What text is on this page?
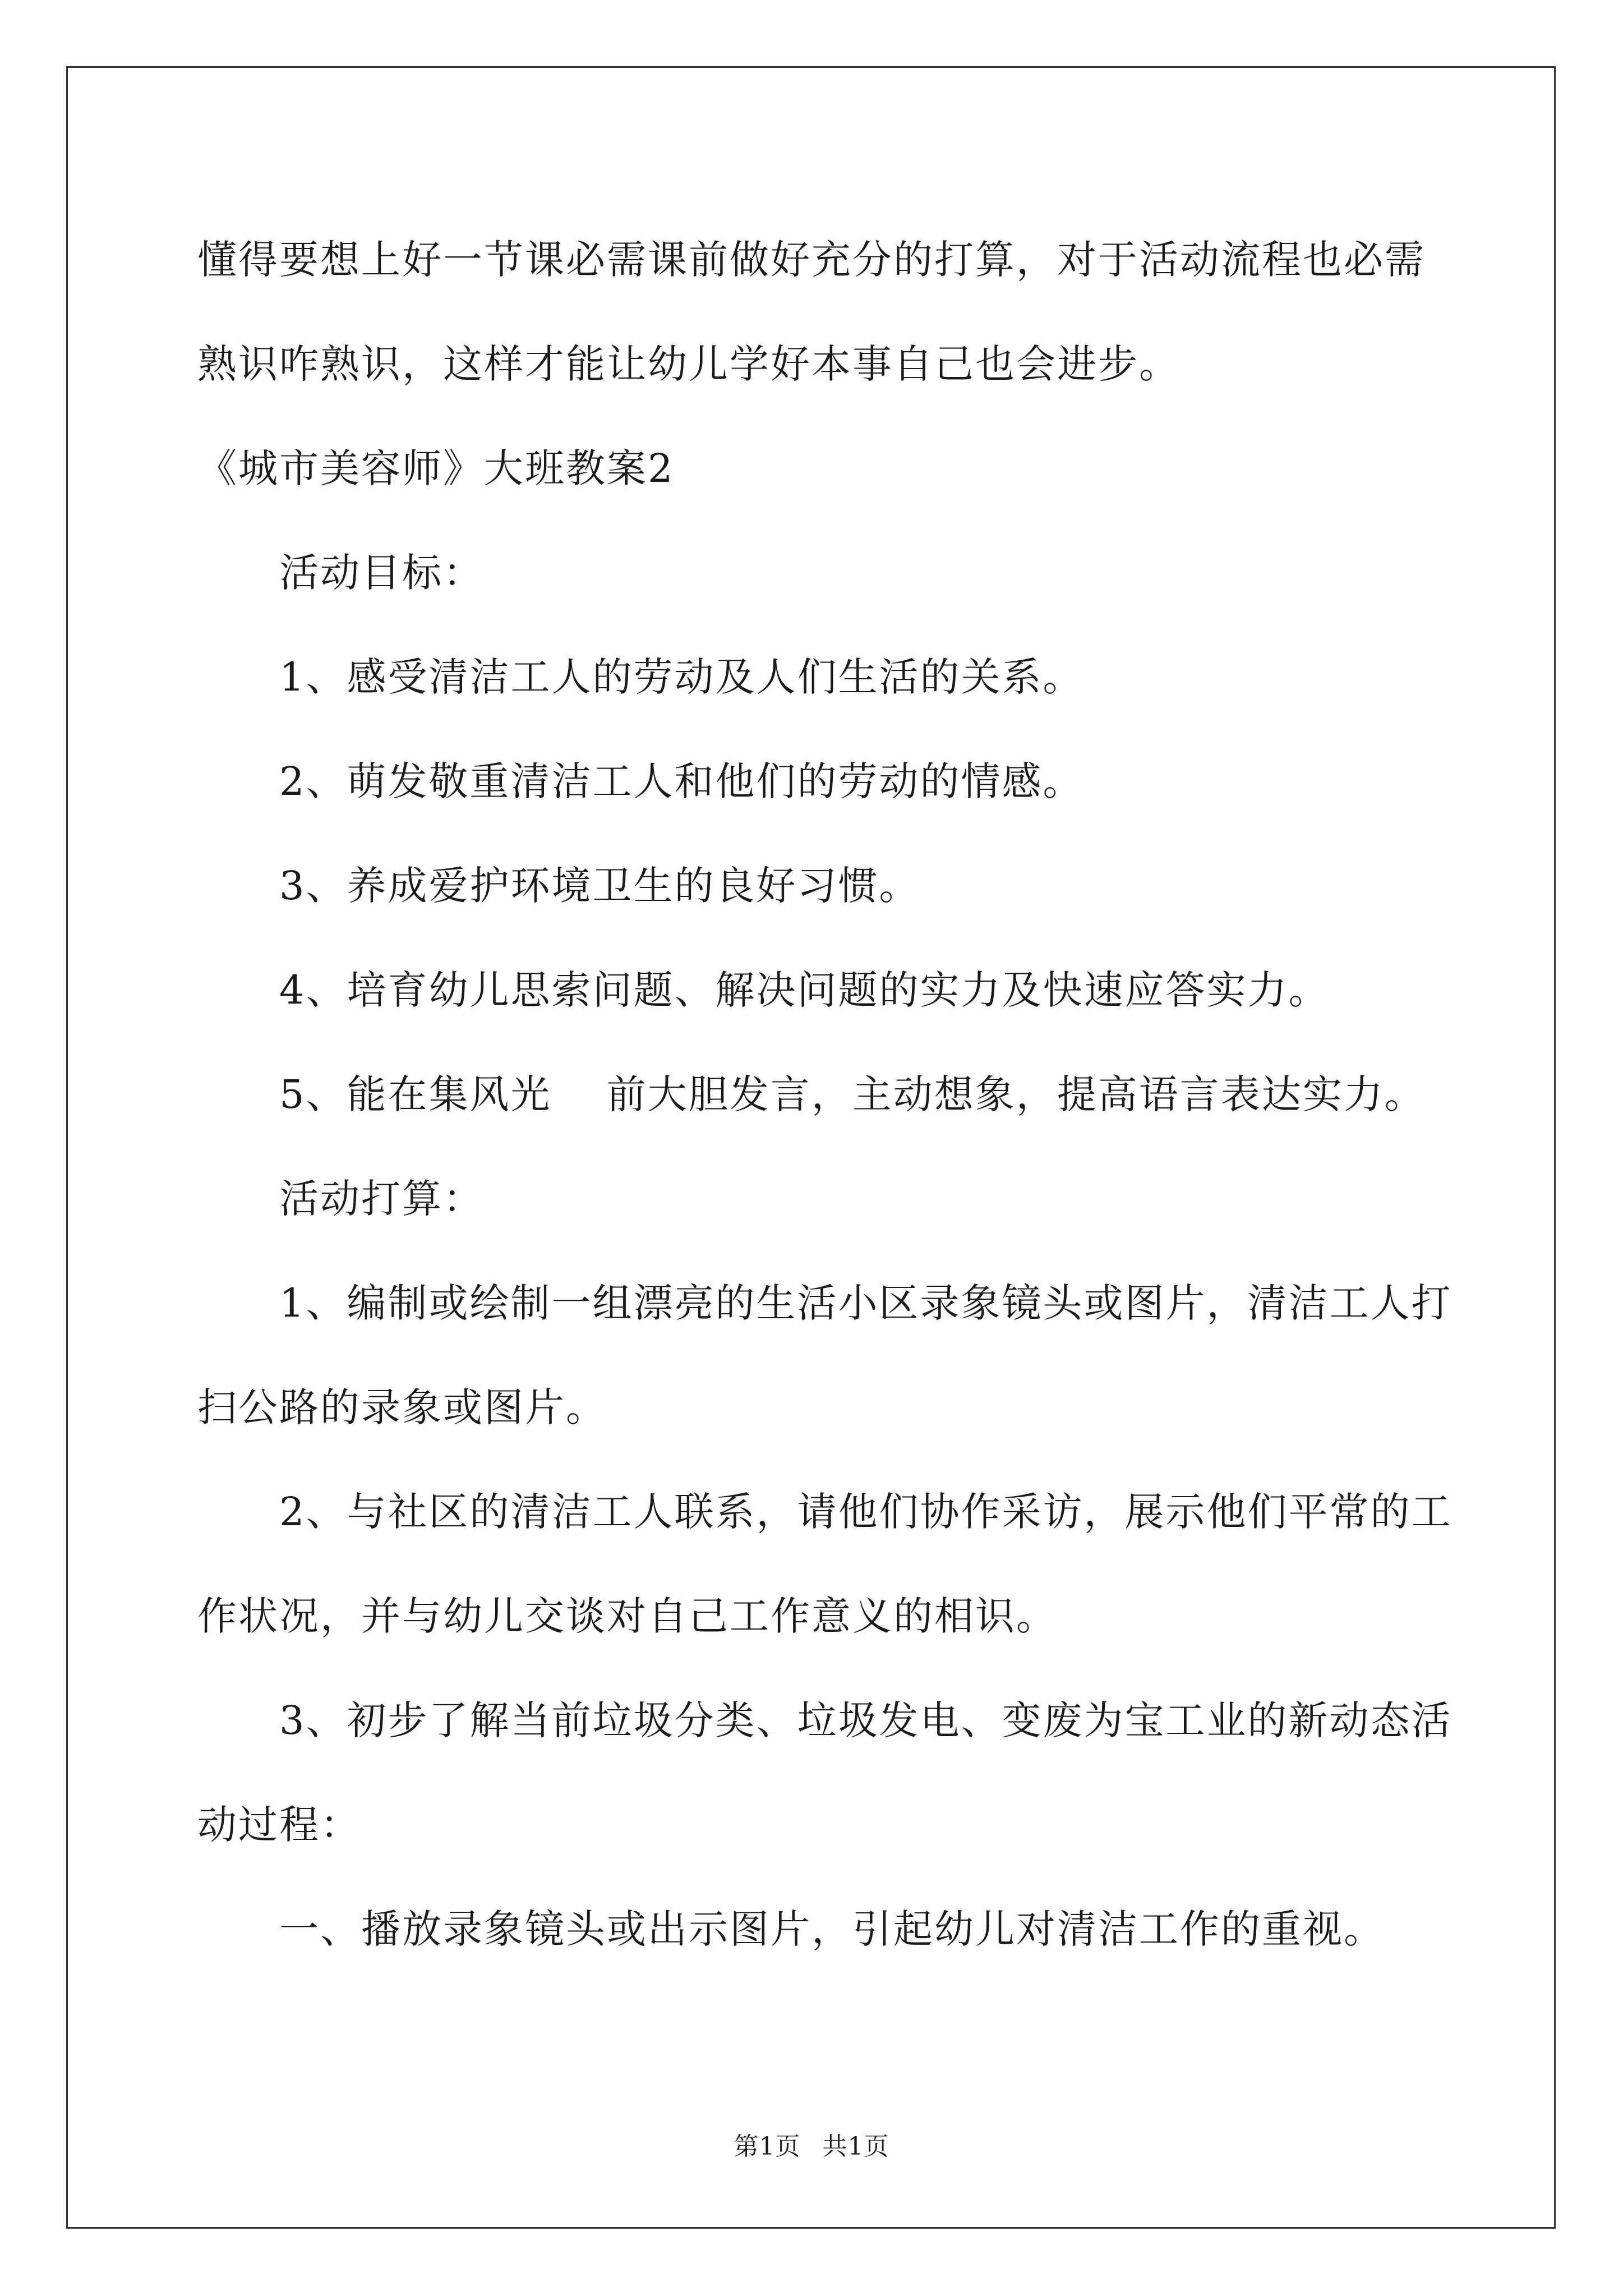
懂得要想上好一节课必需课前做好充分的打算，对于活动流程也必需

熟识咋熟识，这样才能让幼儿学好本事自己也会进步。

《城市美容师》大班教案2

活动目标：

1、感受清洁工人的劳动及人们生活的关系。

2、萌发敬重清洁工人和他们的劳动的情感。

3、养成爱护环境卫生的良好习惯。

4、培育幼儿思索问题、解决问题的实力及快速应答实力。

5、能在集风光　 前大胆发言，主动想象，提高语言表达实力。

活动打算：

1、编制或绘制一组漂亮的生活小区录象镜头或图片，清洁工人打

扫公路的录象或图片。

2、与社区的清洁工人联系，请他们协作采访，展示他们平常的工

作状况，并与幼儿交谈对自己工作意义的相识。

3、初步了解当前垃圾分类、垃圾发电、变废为宝工业的新动态活

动过程：

一、播放录象镜头或出示图片，引起幼儿对清洁工作的重视。

第1页 共1页
